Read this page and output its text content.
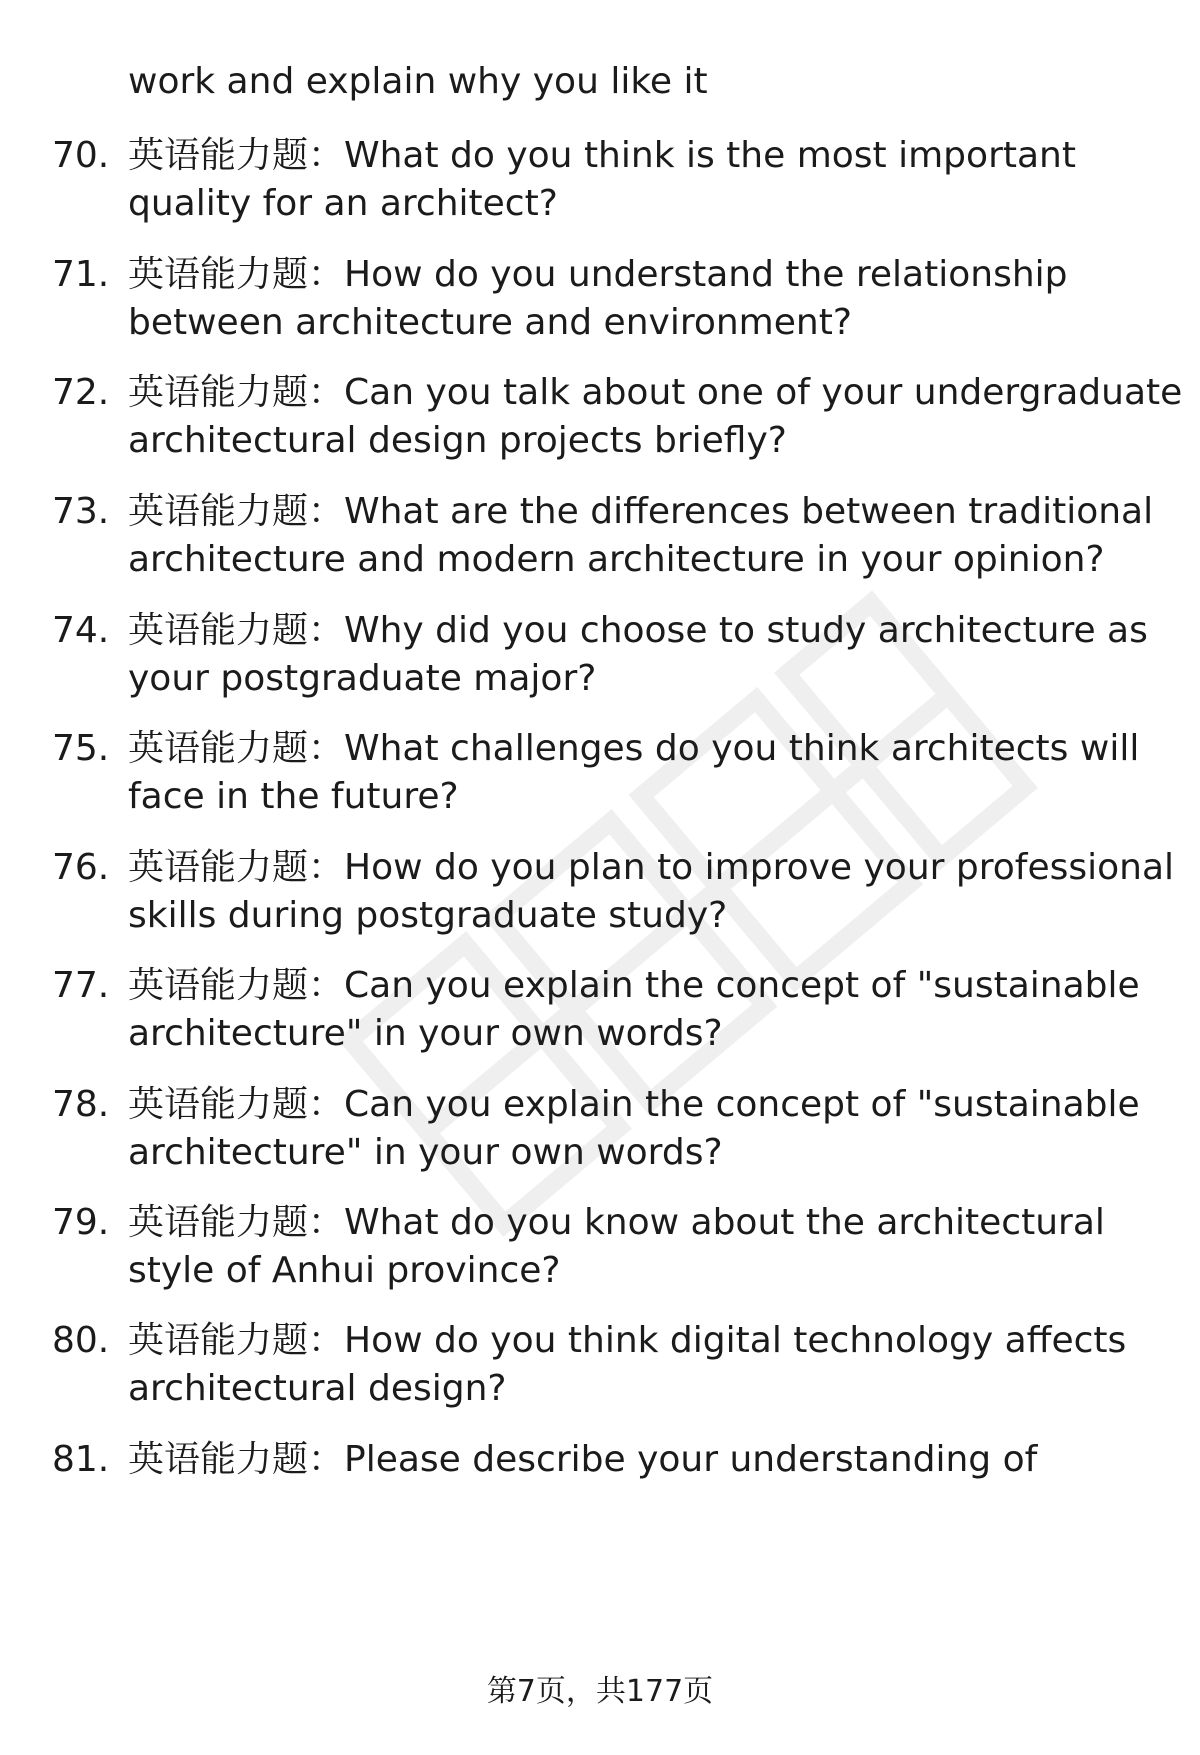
work and explain why you like it
70. 英语能力题：What do you think is the most important
quality for an architect?
71. 英语能力题：How do you understand the relationship
between architecture and environment?
72. 英语能力题：Can you talk about one of your undergraduate
architectural design projects briefly?
73. 英语能力题：What are the differences between traditional
architecture and modern architecture in your opinion?
74. 英语能力题：Why did you choose to study architecture as
your postgraduate major?
75. 英语能力题：What challenges do you think architects will
face in the future?
76. 英语能力题：How do you plan to improve your professional
skills during postgraduate study?
77. 英语能力题：Can you explain the concept of "sustainable
architecture" in your own words?
78. 英语能力题：Can you explain the concept of "sustainable
architecture" in your own words?
79. 英语能力题：What do you know about the architectural
style of Anhui province?
80. 英语能力题：How do you think digital technology affects
architectural design?
81. 英语能力题：Please describe your understanding of
第7页，共177页
